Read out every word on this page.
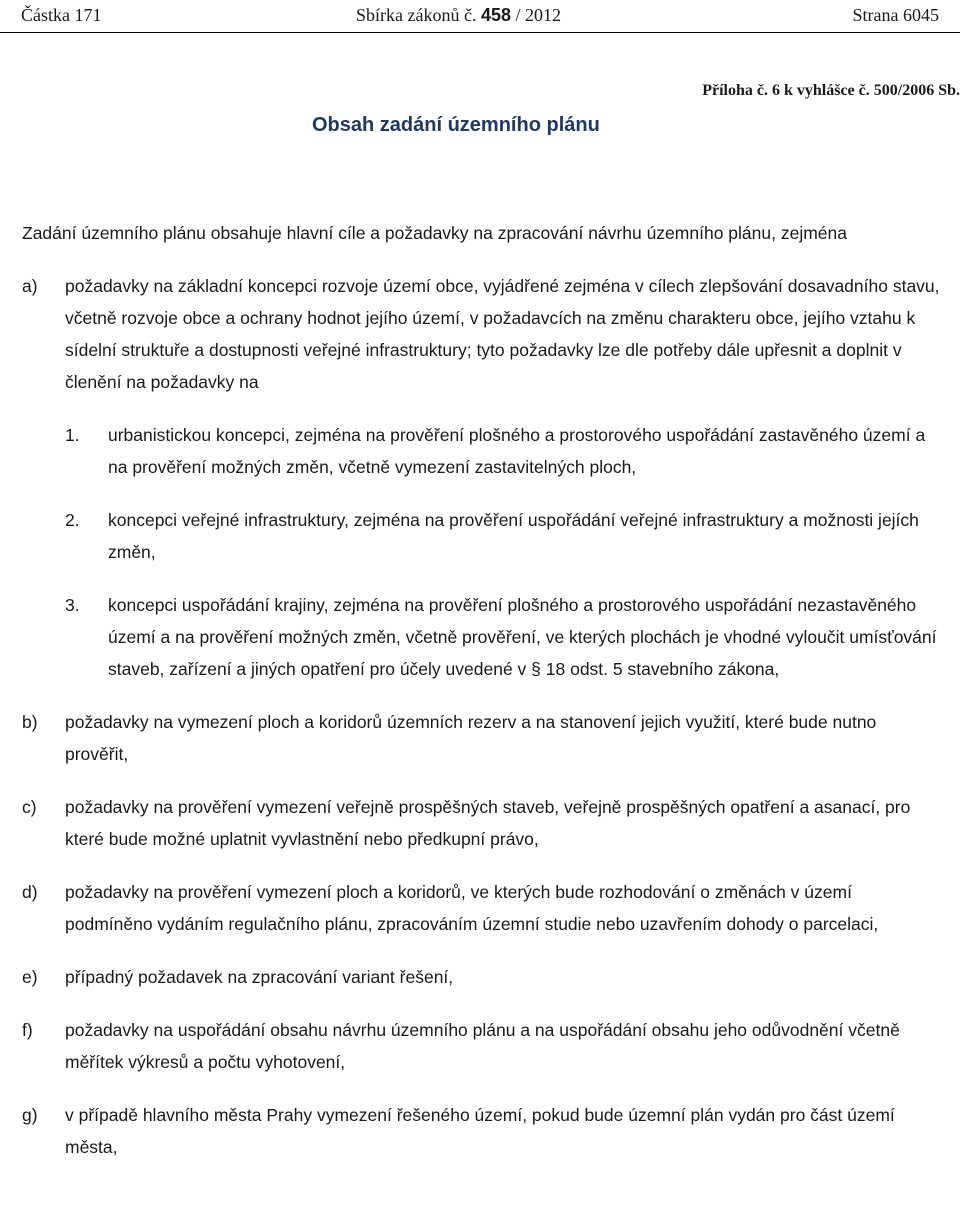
Částka 171	Sbírka zákonů č. 458 / 2012	Strana 6045
Příloha č. 6 k vyhlášce č. 500/2006 Sb.
Obsah zadání územního plánu

Zadání územního plánu obsahuje hlavní cíle a požadavky na zpracování návrhu územního plánu, zejména

a) požadavky na základní koncepci rozvoje území obce, vyjádřené zejména v cílech zlepšování dosavadního stavu, včetně rozvoje obce a ochrany hodnot jejího území, v požadavcích na změnu charakteru obce, jejího vztahu k sídelní struktuře a dostupnosti veřejné infrastruktury; tyto požadavky lze dle potřeby dále upřesnit a doplnit v členění na požadavky na
1. urbanistickou koncepci, zejména na prověření plošného a prostorového uspořádání zastavěného území a na prověření možných změn, včetně vymezení zastavitelných ploch,
2. koncepci veřejné infrastruktury, zejména na prověření uspořádání veřejné infrastruktury a možnosti jejích změn,
3. koncepci uspořádání krajiny, zejména na prověření plošného a prostorového uspořádání nezastavěného území a na prověření možných změn, včetně prověření, ve kterých plochách je vhodné vyloučit umísťování staveb, zařízení a jiných opatření pro účely uvedené v § 18 odst. 5 stavebního zákona,
b) požadavky na vymezení ploch a koridorů územních rezerv a na stanovení jejich využití, které bude nutno prověřit,
c) požadavky na prověření vymezení veřejně prospěšných staveb, veřejně prospěšných opatření a asanací, pro které bude možné uplatnit vyvlastnění nebo předkupní právo,
d) požadavky na prověření vymezení ploch a koridorů, ve kterých bude rozhodování o změnách v území podmíněno vydáním regulačního plánu, zpracováním územní studie nebo uzavřením dohody o parcelaci,
e) případný požadavek na zpracování variant řešení,
f) požadavky na uspořádání obsahu návrhu územního plánu a na uspořádání obsahu jeho odůvodnění včetně měřítek výkresů a počtu vyhotovení,
g) v případě hlavního města Prahy vymezení řešeného území, pokud bude územní plán vydán pro část území města,
